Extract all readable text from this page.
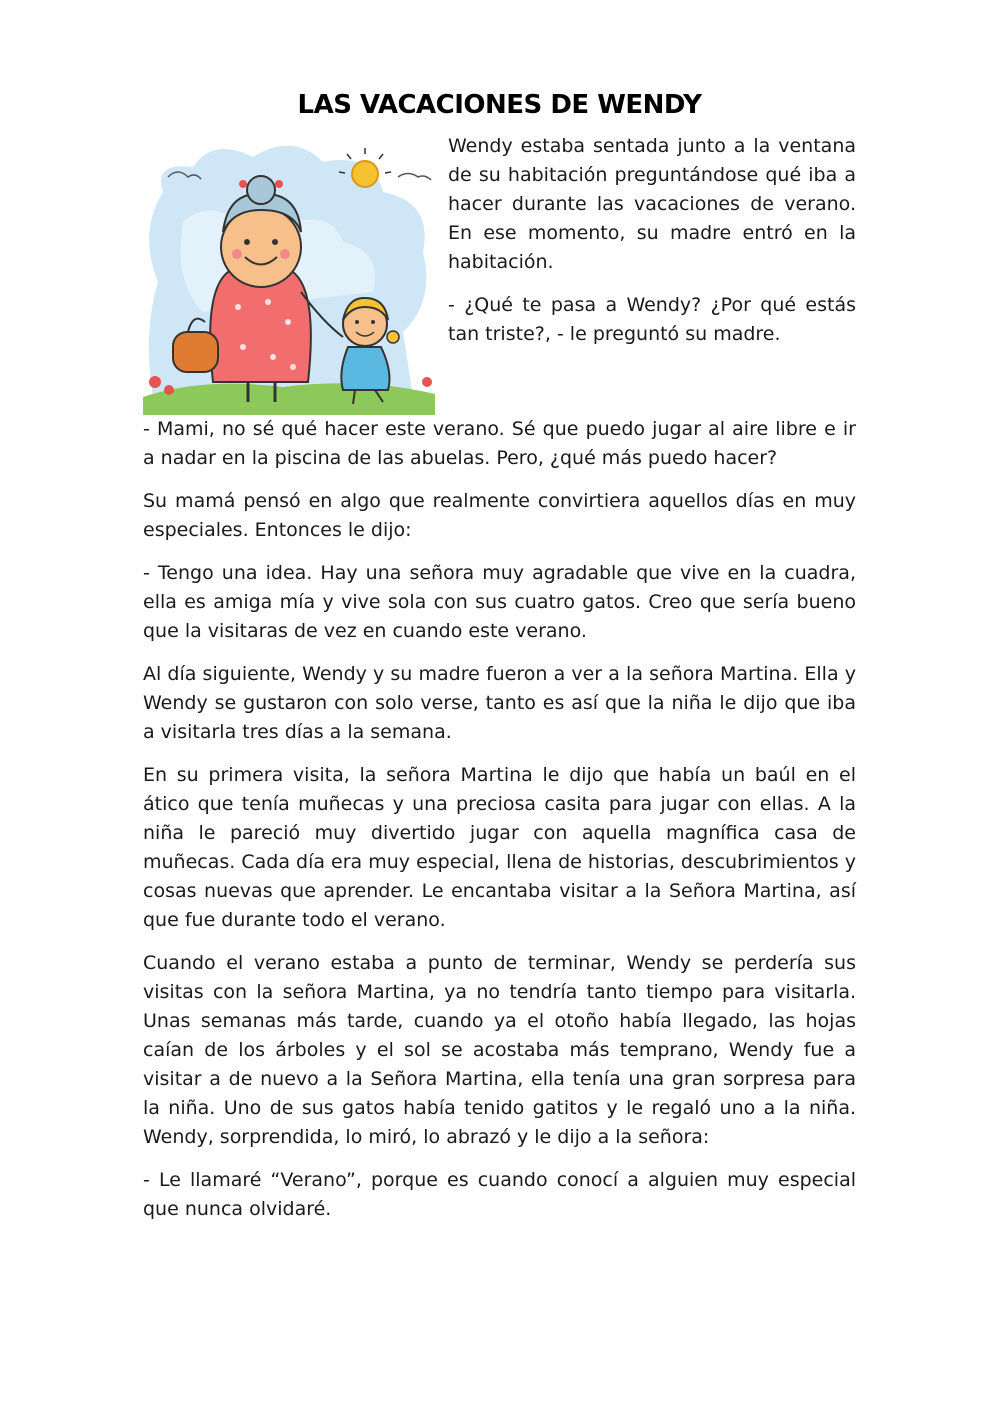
LAS VACACIONES DE WENDY

Wendy estaba sentada junto a la ventana de su habitación preguntándose qué iba a hacer durante las vacaciones de verano. En ese momento, su madre entró en la habitación.

- ¿Qué te pasa a Wendy? ¿Por qué estás tan triste?, - le preguntó su madre.

- Mami, no sé qué hacer este verano. Sé que puedo jugar al aire libre e ir a nadar en la piscina de las abuelas. Pero, ¿qué más puedo hacer?

Su mamá pensó en algo que realmente convirtiera aquellos días en muy especiales. Entonces le dijo:

- Tengo una idea. Hay una señora muy agradable que vive en la cuadra, ella es amiga mía y vive sola con sus cuatro gatos. Creo que sería bueno que la visitaras de vez en cuando este verano.

Al día siguiente, Wendy y su madre fueron a ver a la señora Martina. Ella y Wendy se gustaron con solo verse, tanto es así que la niña le dijo que iba a visitarla tres días a la semana.

En su primera visita, la señora Martina le dijo que había un baúl en el ático que tenía muñecas y una preciosa casita para jugar con ellas. A la niña le pareció muy divertido jugar con aquella magnífica casa de muñecas. Cada día era muy especial, llena de historias, descubrimientos y cosas nuevas que aprender. Le encantaba visitar a la Señora Martina, así que fue durante todo el verano.

Cuando el verano estaba a punto de terminar, Wendy se perdería sus visitas con la señora Martina, ya no tendría tanto tiempo para visitarla. Unas semanas más tarde, cuando ya el otoño había llegado, las hojas caían de los árboles y el sol se acostaba más temprano, Wendy fue a visitar a de nuevo a la Señora Martina, ella tenía una gran sorpresa para la niña. Uno de sus gatos había tenido gatitos y le regaló uno a la niña. Wendy, sorprendida, lo miró, lo abrazó y le dijo a la señora:

- Le llamaré “Verano”, porque es cuando conocí a alguien muy especial que nunca olvidaré.
